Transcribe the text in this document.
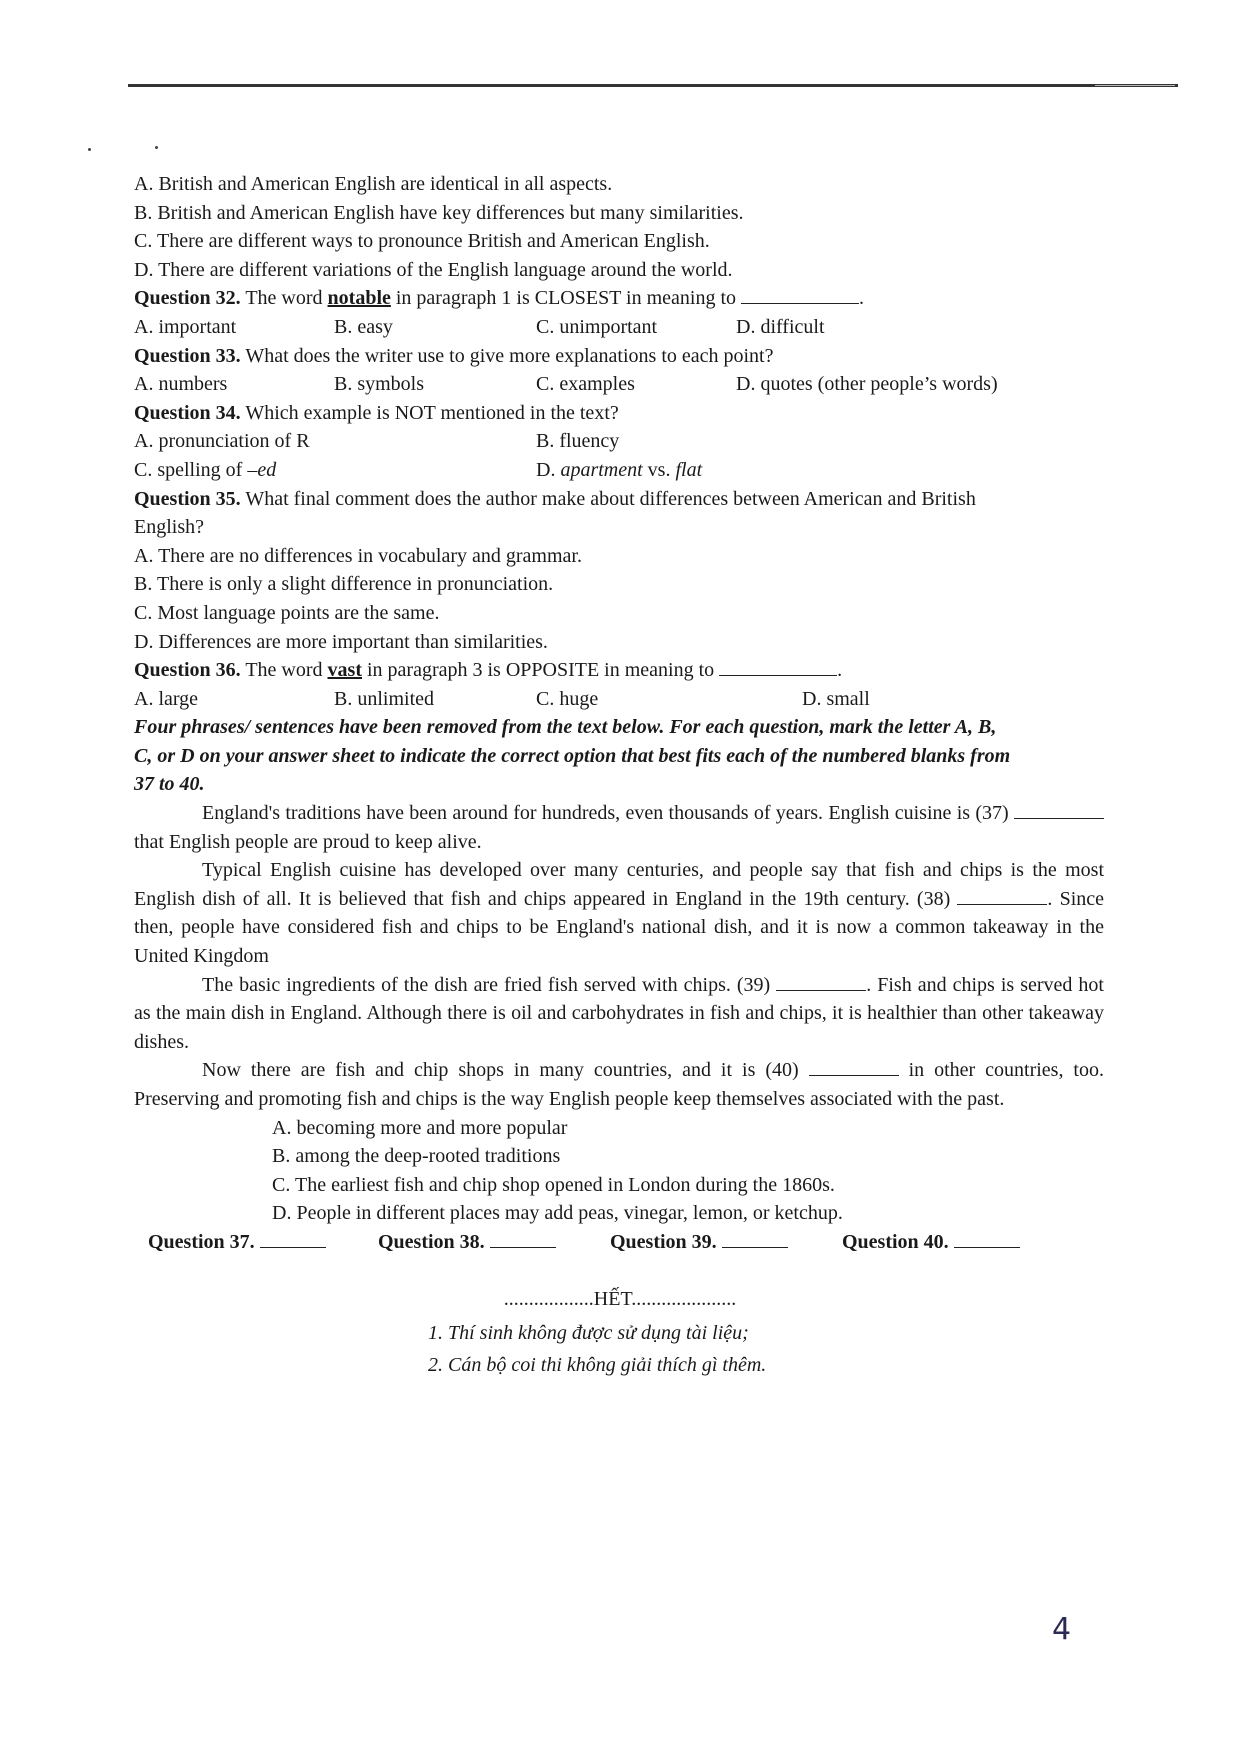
A. British and American English are identical in all aspects.
B. British and American English have key differences but many similarities.
C. There are different ways to pronounce British and American English.
D. There are different variations of the English language around the world.
Question 32. The word notable in paragraph 1 is CLOSEST in meaning to	.
A. important	B. easy	C. unimportant	D. difficult
Question 33. What does the writer use to give more explanations to each point?
A. numbers	B. symbols	C. examples	D. quotes (other people’s words)
Question 34. Which example is NOT mentioned in the text?
A. pronunciation of R	B. fluency
C. spelling of –ed	D. apartment vs. flat
Question 35. What final comment does the author make about differences between American and British
English?
A. There are no differences in vocabulary and grammar.
B. There is only a slight difference in pronunciation.
C. Most language points are the same.
D. Differences are more important than similarities.
Question 36. The word vast in paragraph 3 is OPPOSITE in meaning to	.
A. large	B. unlimited	C. huge	D. small
Four phrases/ sentences have been removed from the text below. For each question, mark the letter A, B,
C, or D on your answer sheet to indicate the correct option that best fits each of the numbered blanks from
37 to 40.
England's traditions have been around for hundreds, even thousands of years. English cuisine is (37)  that English people are proud to keep alive.
Typical English cuisine has developed over many centuries, and people say that fish and chips is the most English dish of all. It is believed that fish and chips appeared in England in the 19th century. (38)	. Since then, people have considered fish and chips to be England's national dish, and it is now a common takeaway in the United Kingdom
The basic ingredients of the dish are fried fish served with chips. (39)	. Fish and chips is served hot as the main dish in England. Although there is oil and carbohydrates in fish and chips, it is healthier than other takeaway dishes.
Now there are fish and chip shops in many countries, and it is (40)	in other countries, too. Preserving and promoting fish and chips is the way English people keep themselves associated with the past.
A. becoming more and more popular
B. among the deep-rooted traditions
C. The earliest fish and chip shop opened in London during the 1860s.
D. People in different places may add peas, vinegar, lemon, or ketchup.
Question 37.	Question 38.	Question 39.	Question 40.
..................HẾT.....................
1. Thí sinh không được sử dụng tài liệu;
2. Cán bộ coi thi không giải thích gì thêm.
4
